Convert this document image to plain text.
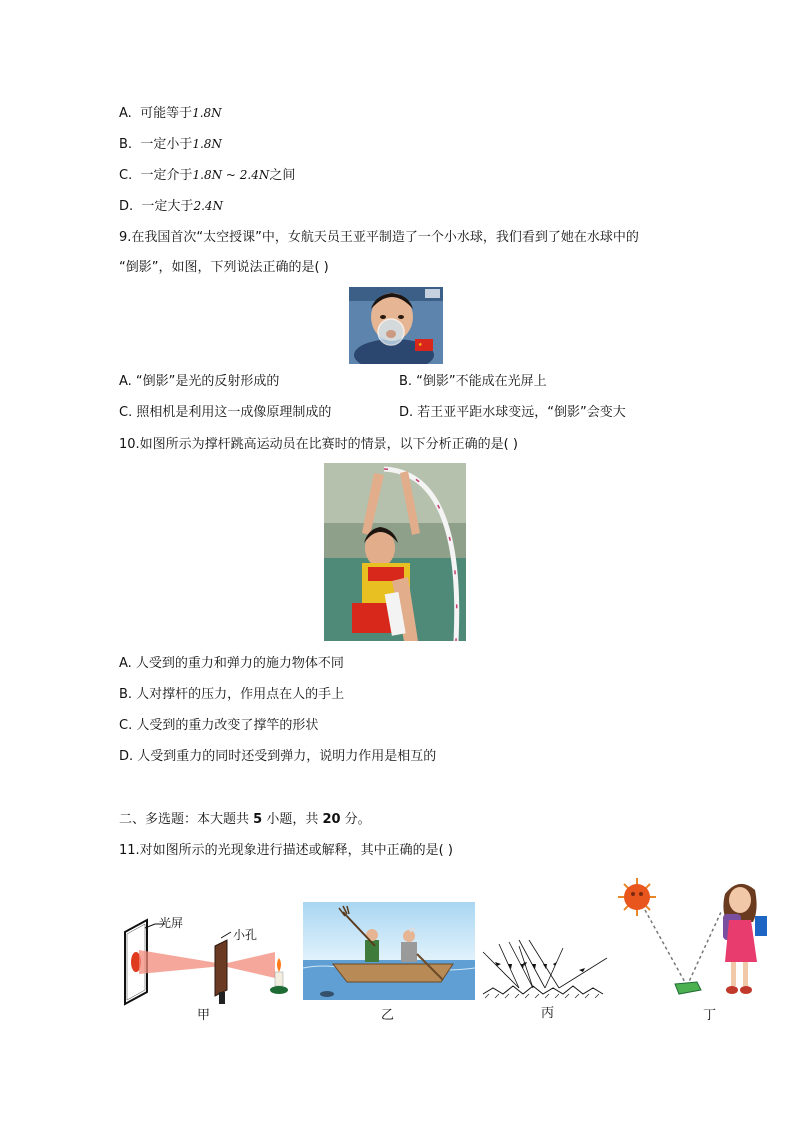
A. 可能等于1.8N
B. 一定小于1.8N
C. 一定介于1.8N ~ 2.4N之间
D. 一定大于2.4N
9.在我国首次“太空授课”中，女航天员王亚平制造了一个小水球，我们看到了她在水球中的
“倒影”，如图，下列说法正确的是( )
★
A. “倒影”是光的反射形成的	B. “倒影”不能成在光屏上
C. 照相机是利用这一成像原理制成的	D. 若王亚平距水球变远，“倒影”会变大
10.如图所示为撑杆跳高运动员在比赛时的情景，以下分析正确的是( )
A. 人受到的重力和弹力的施力物体不同
B. 人对撑杆的压力，作用点在人的手上
C. 人受到的重力改变了撑竿的形状
D. 人受到重力的同时还受到弹力，说明力作用是相互的
二、多选题：本大题共 5 小题，共 20 分。
11.对如图所示的光现象进行描述或解释，其中正确的是( )
光屏
小孔
甲	乙	丙	丁
